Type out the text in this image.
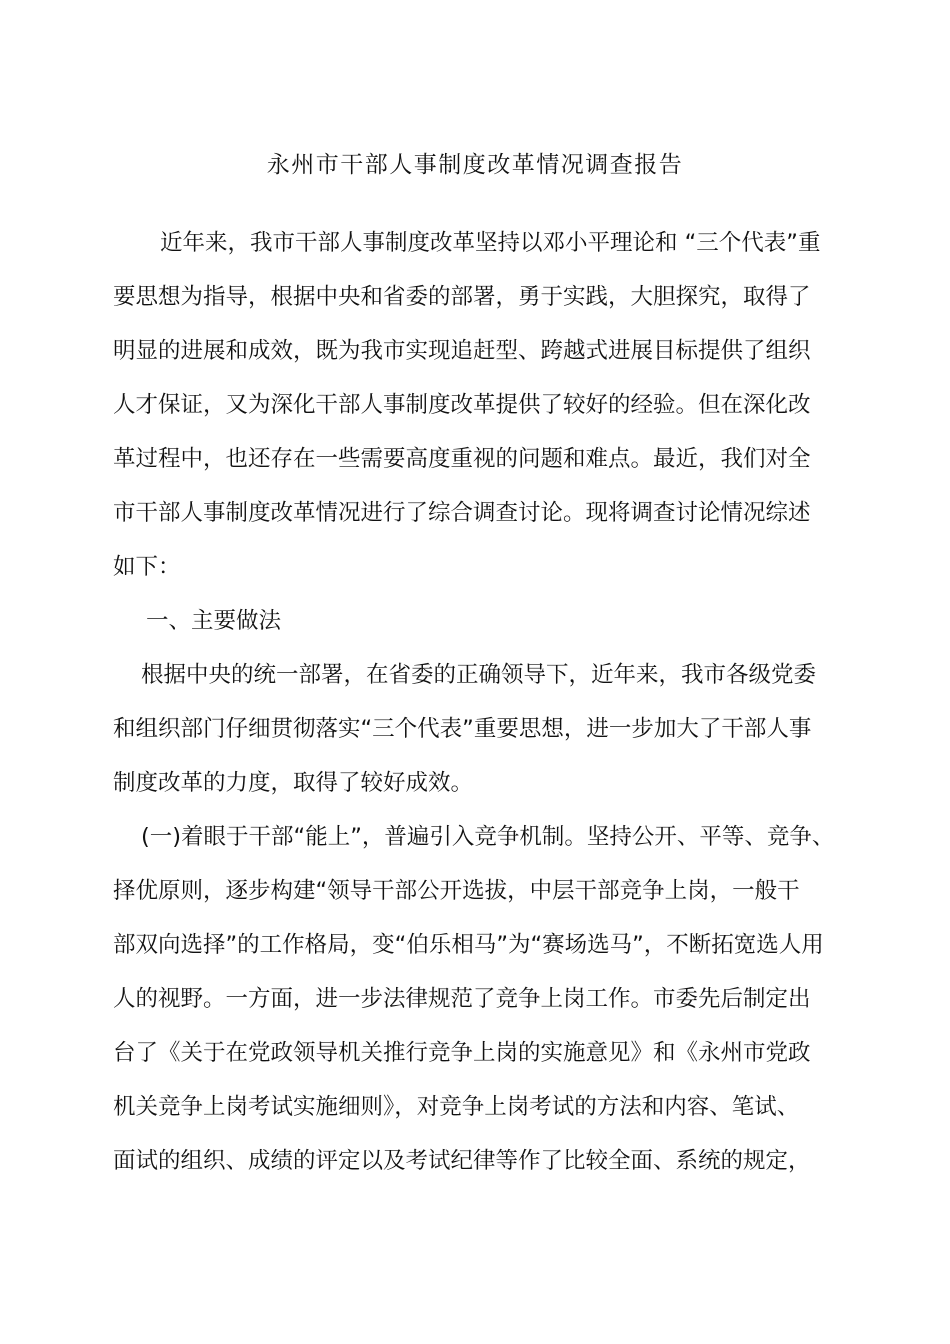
永州市干部人事制度改革情况调查报告
近年来，我市干部人事制度改革坚持以邓小平理论和 “三个代表”重
要思想为指导，根据中央和省委的部署，勇于实践，大胆探究，取得了
明显的进展和成效，既为我市实现追赶型、跨越式进展目标提供了组织
人才保证，又为深化干部人事制度改革提供了较好的经验。但在深化改
革过程中，也还存在一些需要高度重视的问题和难点。最近，我们对全
市干部人事制度改革情况进行了综合调查讨论。现将调查讨论情况综述
如下：
一、主要做法
根据中央的统一部署，在省委的正确领导下，近年来，我市各级党委
和组织部门仔细贯彻落实“三个代表”重要思想，进一步加大了干部人事
制度改革的力度，取得了较好成效。
(一)着眼于干部“能上”，普遍引入竞争机制。坚持公开、平等、竞争、
择优原则，逐步构建“领导干部公开选拔，中层干部竞争上岗，一般干
部双向选择”的工作格局，变“伯乐相马”为“赛场选马”，不断拓宽选人用
人的视野。一方面，进一步法律规范了竞争上岗工作。市委先后制定出
台了《关于在党政领导机关推行竞争上岗的实施意见》和《永州市党政
机关竞争上岗考试实施细则》，对竞争上岗考试的方法和内容、笔试、
面试的组织、成绩的评定以及考试纪律等作了比较全面、系统的规定，
